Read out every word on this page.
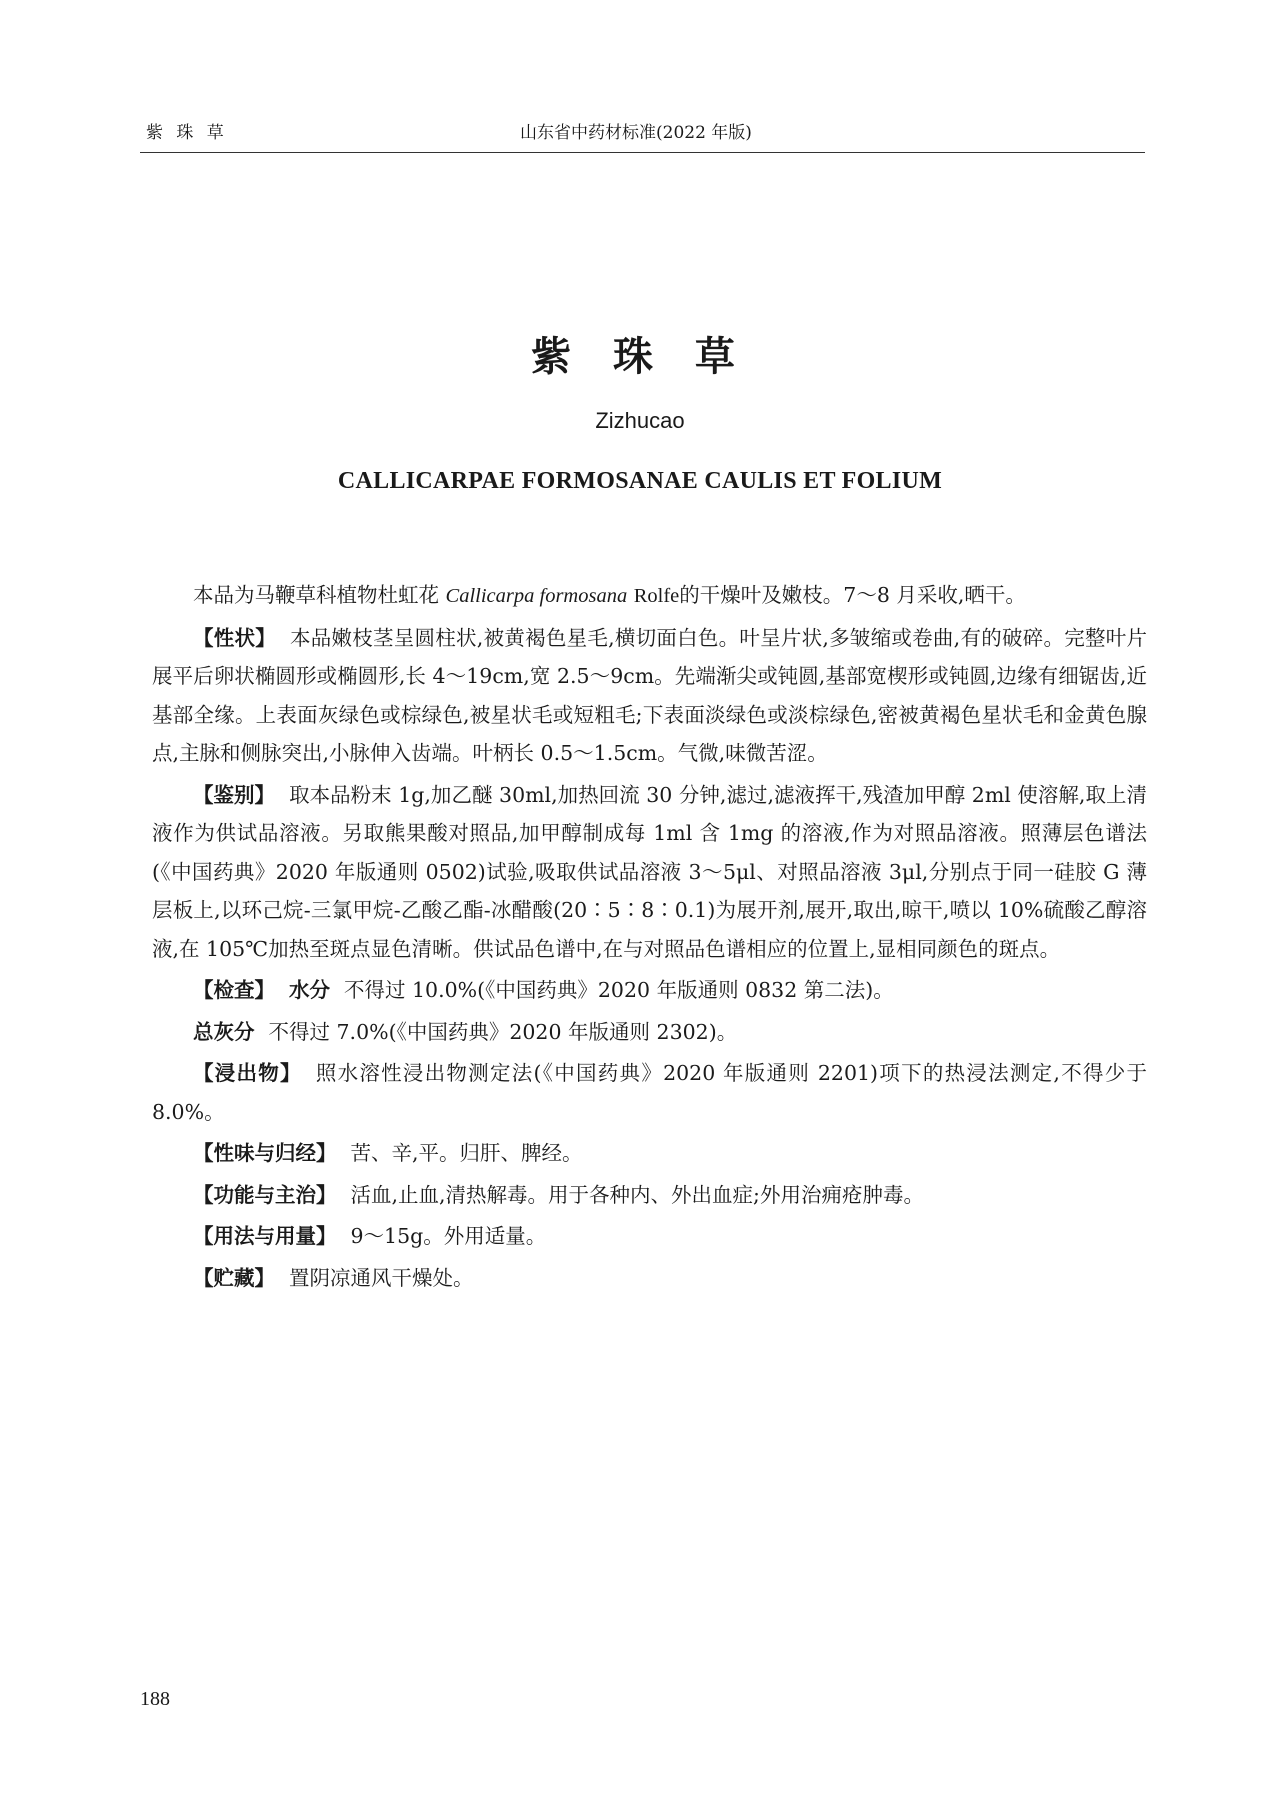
紫 珠 草	山东省中药材标准(2022 年版)
紫 珠 草
Zizhucao
CALLICARPAE FORMOSANAE CAULIS ET FOLIUM

本品为马鞭草科植物杜虹花 Callicarpa formosana Rolfe的干燥叶及嫩枝。7～8 月采收,晒干。

【性状】 本品嫩枝茎呈圆柱状,被黄褐色星毛,横切面白色。叶呈片状,多皱缩或卷曲,有的破碎。完整叶片展平后卵状椭圆形或椭圆形,长 4～19cm,宽 2.5～9cm。先端渐尖或钝圆,基部宽楔形或钝圆,边缘有细锯齿,近基部全缘。上表面灰绿色或棕绿色,被星状毛或短粗毛;下表面淡绿色或淡棕绿色,密被黄褐色星状毛和金黄色腺点,主脉和侧脉突出,小脉伸入齿端。叶柄长 0.5～1.5cm。气微,味微苦涩。

【鉴别】 取本品粉末 1g,加乙醚 30ml,加热回流 30 分钟,滤过,滤液挥干,残渣加甲醇 2ml 使溶解,取上清液作为供试品溶液。另取熊果酸对照品,加甲醇制成每 1ml 含 1mg 的溶液,作为对照品溶液。照薄层色谱法(《中国药典》2020 年版通则 0502)试验,吸取供试品溶液 3～5μl、对照品溶液 3μl,分别点于同一硅胶 G 薄层板上,以环己烷-三氯甲烷-乙酸乙酯-冰醋酸(20∶5∶8∶0.1)为展开剂,展开,取出,晾干,喷以 10%硫酸乙醇溶液,在 105℃加热至斑点显色清晰。供试品色谱中,在与对照品色谱相应的位置上,显相同颜色的斑点。

【检查】 水分 不得过 10.0%(《中国药典》2020 年版通则 0832 第二法)。

总灰分 不得过 7.0%(《中国药典》2020 年版通则 2302)。

【浸出物】 照水溶性浸出物测定法(《中国药典》2020 年版通则 2201)项下的热浸法测定,不得少于 8.0%。

【性味与归经】 苦、辛,平。归肝、脾经。

【功能与主治】 活血,止血,清热解毒。用于各种内、外出血症;外用治痈疮肿毒。

【用法与用量】 9～15g。外用适量。

【贮藏】 置阴凉通风干燥处。

188
